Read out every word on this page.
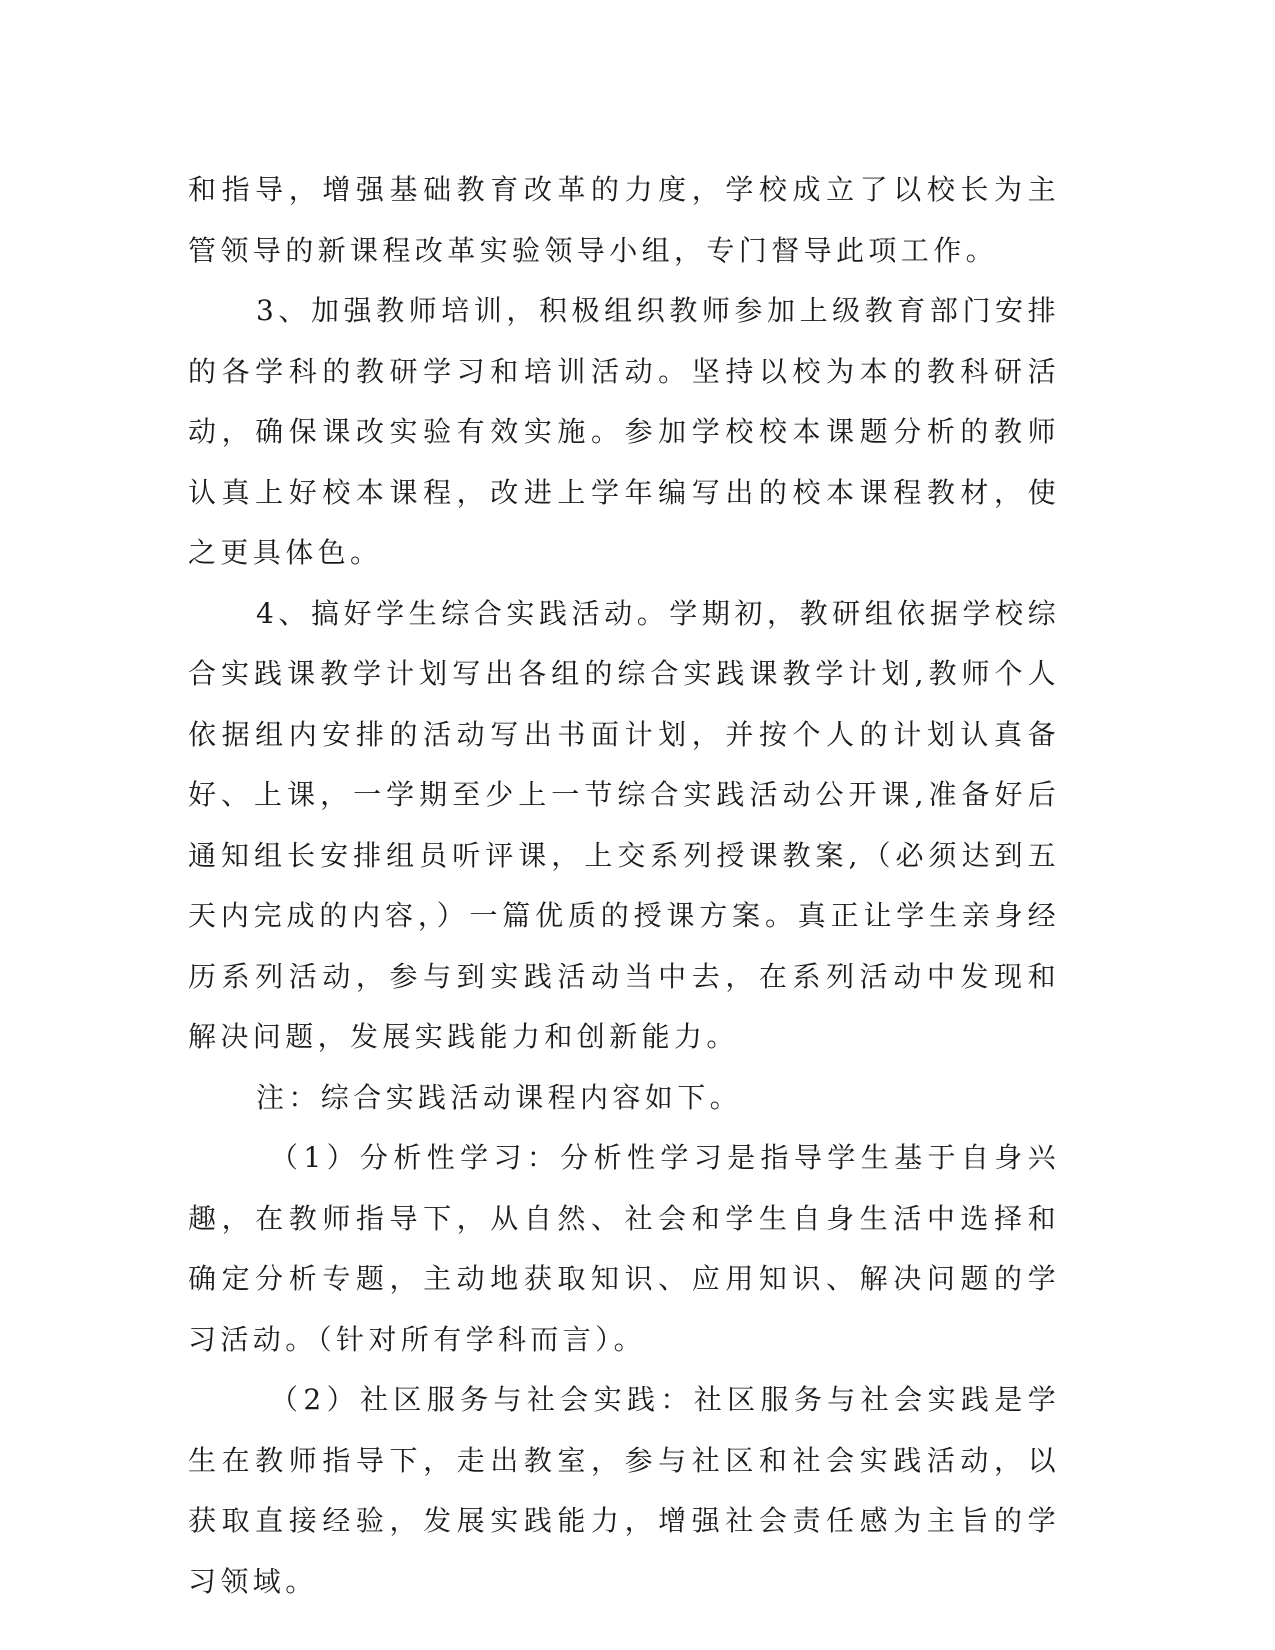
和指导，增强基础教育改革的力度，学校成立了以校长为主管领导的新课程改革实验领导小组，专门督导此项工作。

3、加强教师培训，积极组织教师参加上级教育部门安排的各学科的教研学习和培训活动。坚持以校为本的教科研活动，确保课改实验有效实施。参加学校校本课题分析的教师认真上好校本课程，改进上学年编写出的校本课程教材，使之更具体色。

4、搞好学生综合实践活动。学期初，教研组依据学校综合实践课教学计划写出各组的综合实践课教学计划,教师个人依据组内安排的活动写出书面计划，并按个人的计划认真备好、上课，一学期至少上一节综合实践活动公开课,准备好后通知组长安排组员听评课，上交系列授课教案,（必须达到五天内完成的内容，）一篇优质的授课方案。真正让学生亲身经历系列活动，参与到实践活动当中去，在系列活动中发现和解决问题，发展实践能力和创新能力。

注：综合实践活动课程内容如下。

（1）分析性学习：分析性学习是指导学生基于自身兴趣，在教师指导下，从自然、社会和学生自身生活中选择和确定分析专题，主动地获取知识、应用知识、解决问题的学习活动。（针对所有学科而言）。

（2）社区服务与社会实践：社区服务与社会实践是学生在教师指导下，走出教室，参与社区和社会实践活动，以获取直接经验，发展实践能力，增强社会责任感为主旨的学习领域。
